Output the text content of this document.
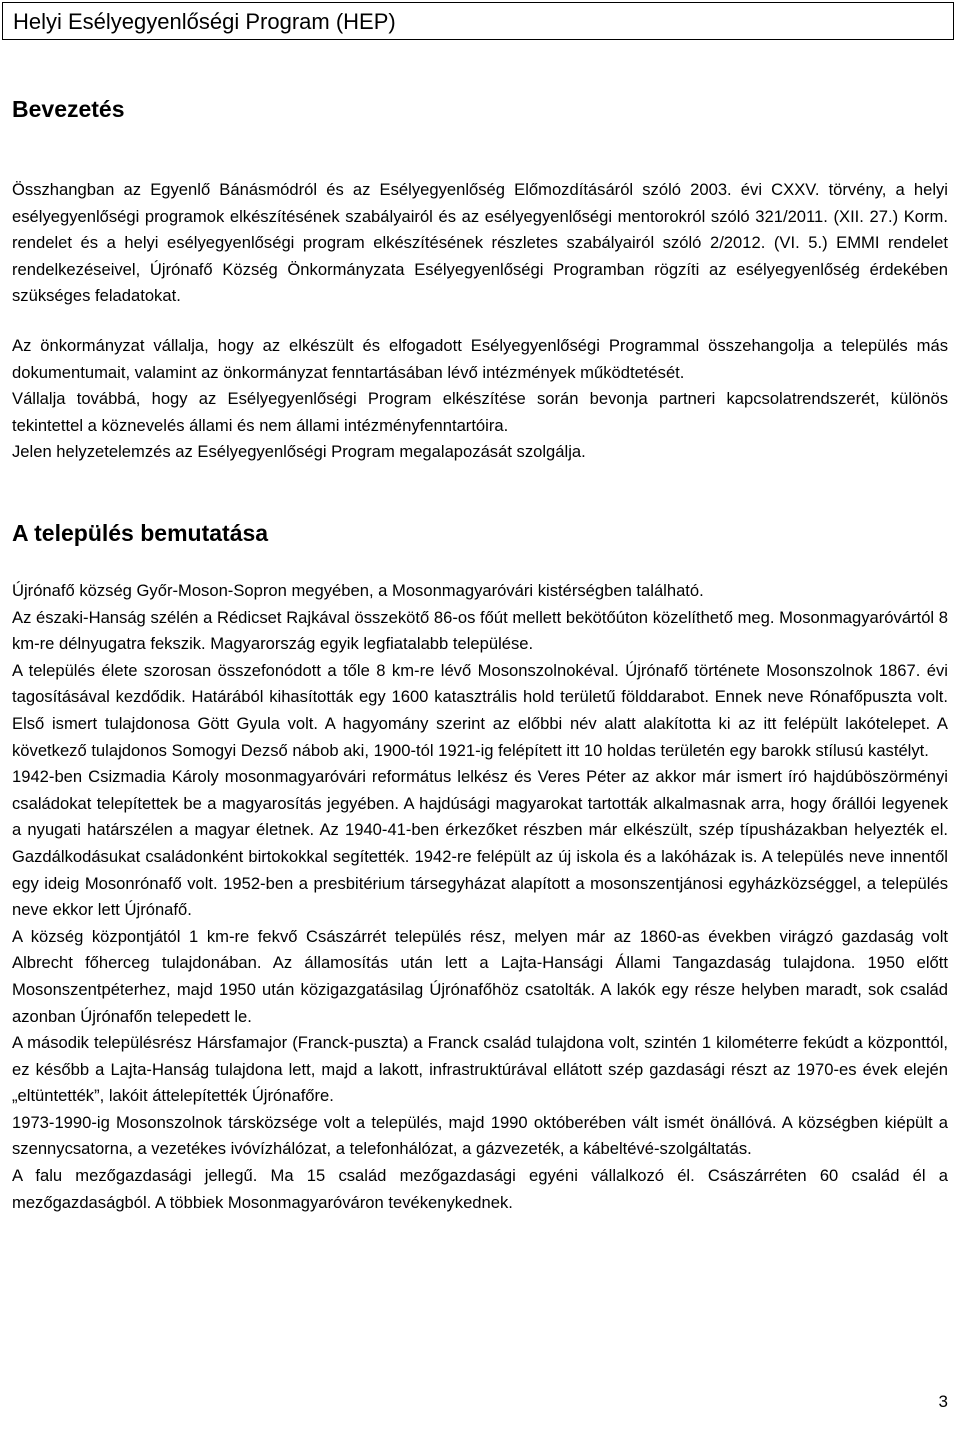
Helyi Esélyegyenlőségi Program (HEP)
Bevezetés

Összhangban az Egyenlő Bánásmódról és az Esélyegyenlőség Előmozdításáról szóló 2003. évi CXXV. törvény, a helyi esélyegyenlőségi programok elkészítésének szabályairól és az esélyegyenlőségi mentorokról szóló 321/2011. (XII. 27.) Korm. rendelet és a helyi esélyegyenlőségi program elkészítésének részletes szabályairól szóló 2/2012. (VI. 5.) EMMI rendelet rendelkezéseivel, Újrónafő Község Önkormányzata Esélyegyenlőségi Programban rögzíti az esélyegyenlőség érdekében szükséges feladatokat.

Az önkormányzat vállalja, hogy az elkészült és elfogadott Esélyegyenlőségi Programmal összehangolja a település más dokumentumait, valamint az önkormányzat fenntartásában lévő intézmények működtetését.

Vállalja továbbá, hogy az Esélyegyenlőségi Program elkészítése során bevonja partneri kapcsolatrendszerét, különös tekintettel a köznevelés állami és nem állami intézményfenntartóira.

Jelen helyzetelemzés az Esélyegyenlőségi Program megalapozását szolgálja.

A település bemutatása

Újrónafő község Győr-Moson-Sopron megyében, a Mosonmagyaróvári kistérségben található.

Az északi-Hanság szélén a Rédicset Rajkával összekötő 86-os főút mellett bekötőúton közelíthető meg. Mosonmagyaróvártól 8 km-re délnyugatra fekszik. Magyarország egyik legfiatalabb települése.

A település élete szorosan összefonódott a tőle 8 km-re lévő Mosonszolnokéval. Újrónafő története Mosonszolnok 1867. évi tagosításával kezdődik. Határából kihasították egy 1600 katasztrális hold területű földdarabot. Ennek neve Rónafőpuszta volt. Első ismert tulajdonosa Gött Gyula volt. A hagyomány szerint az előbbi név alatt alakította ki az itt felépült lakótelepet. A következő tulajdonos Somogyi Dezső nábob aki, 1900-tól 1921-ig felépített itt 10 holdas területén egy barokk stílusú kastélyt.

1942-ben Csizmadia Károly mosonmagyaróvári református lelkész és Veres Péter az akkor már ismert író hajdúböszörményi családokat telepítettek be a magyarosítás jegyében. A hajdúsági magyarokat tartották alkalmasnak arra, hogy őrállói legyenek a nyugati határszélen a magyar életnek. Az 1940-41-ben érkezőket részben már elkészült, szép típusházakban helyezték el. Gazdálkodásukat családonként birtokokkal segítették. 1942-re felépült az új iskola és a lakóházak is. A település neve innentől egy ideig Mosonrónafő volt. 1952-ben a presbitérium társegyházat alapított a mosonszentjánosi egyházközséggel, a település neve ekkor lett Újrónafő.

A község központjától 1 km-re fekvő Császárrét település rész, melyen már az 1860-as években virágzó gazdaság volt Albrecht főherceg tulajdonában. Az államosítás után lett a Lajta-Hansági Állami Tangazdaság tulajdona. 1950 előtt Mosonszentpéterhez, majd 1950 után közigazgatásilag Újrónafőhöz csatolták. A lakók egy része helyben maradt, sok család azonban Újrónafőn telepedett le.

A második településrész Hársfamajor (Franck-puszta) a Franck család tulajdona volt, szintén 1 kilométerre fekúdt a központtól, ez később a Lajta-Hanság tulajdona lett, majd a lakott, infrastruktúrával ellátott szép gazdasági részt az 1970-es évek elején „eltüntették”, lakóit áttelepítették Újrónafőre.

1973-1990-ig Mosonszolnok társközsége volt a település, majd 1990 októberében vált ismét önállóvá. A községben kiépült a szennycsatorna, a vezetékes ivóvízhálózat, a telefonhálózat, a gázvezeték, a kábeltévé-szolgáltatás.

A falu mezőgazdasági jellegű. Ma 15 család mezőgazdasági egyéni vállalkozó él. Császárréten 60 család él a mezőgazdaságból. A többiek Mosonmagyaróváron tevékenykednek.

3
